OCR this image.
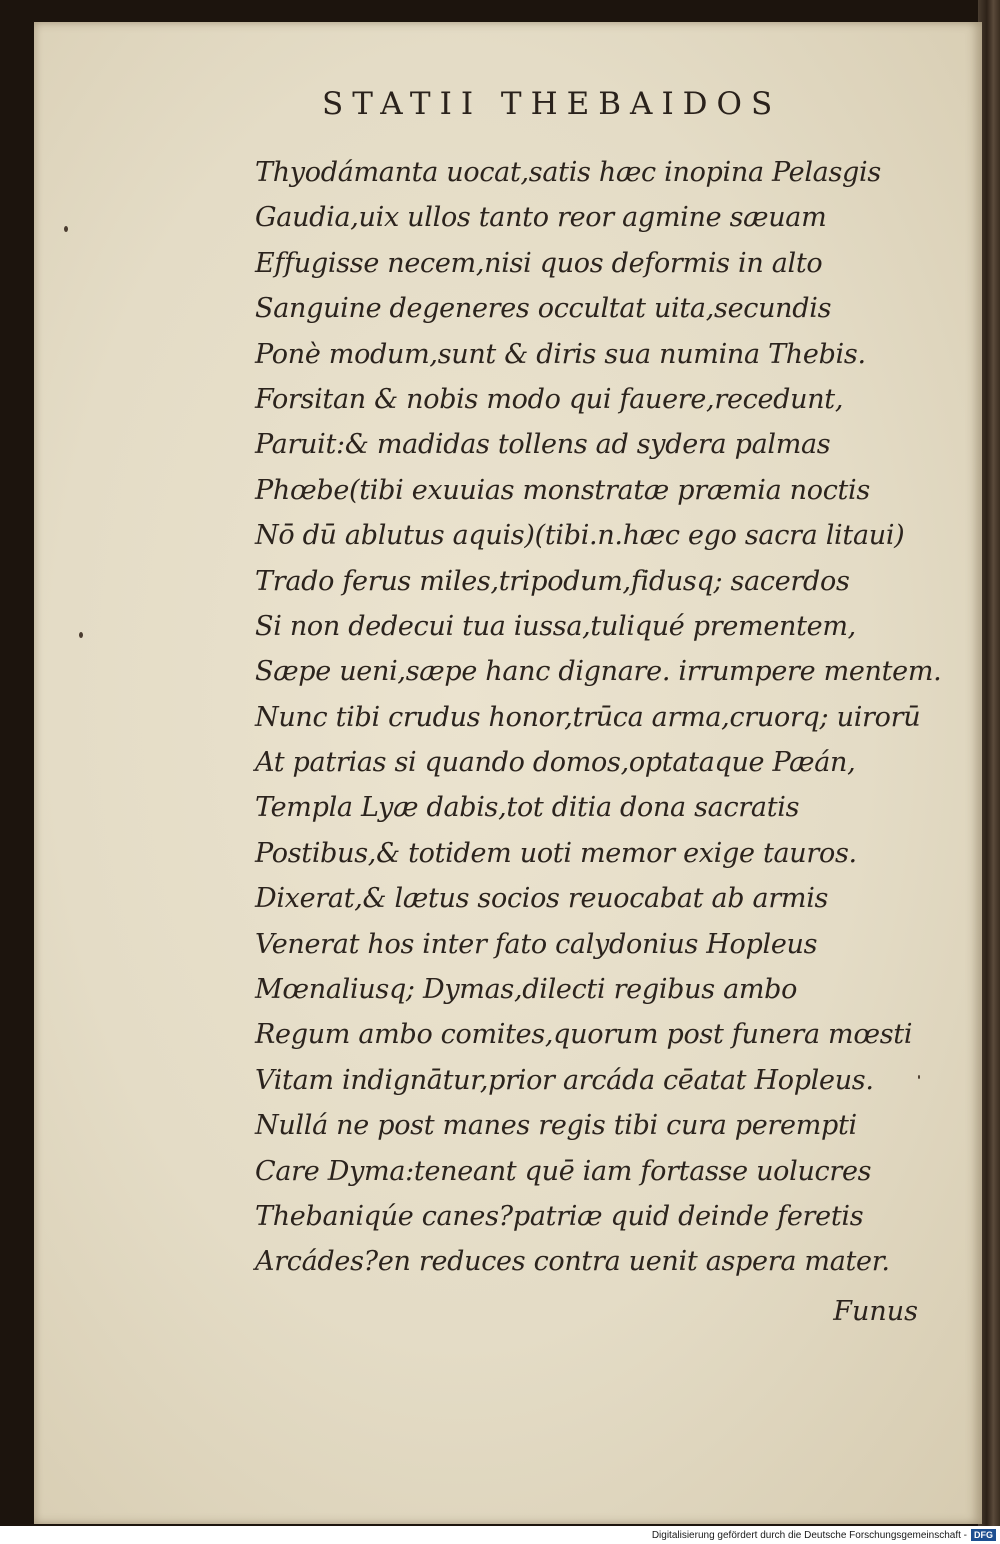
STATII THEBAIDOS
Thyodámanta uocat,satis hæc inopina Pelasgis
Gaudia,uix ullos tanto reor agmine sæuam
Effugisse necem,nisi quos deformis in alto
Sanguine degeneres occultat uita,secundis
Ponè modum,sunt & diris sua numina Thebis.
Forsitan & nobis modo qui fauere,recedunt,
Paruit:& madidas tollens ad sydera palmas
Phœbe(tibi exuuias monstratæ præmia noctis
Nō dū ablutus aquis)(tibi.n.hæc ego sacra litaui)
Trado ferus miles,tripodum,fidusq; sacerdos
Si non dedecui tua iussa,tuliqué prementem,
Sæpe ueni,sæpe hanc dignare. irrumpere mentem.
Nunc tibi crudus honor,trūca arma,cruorq; uirorū
At patrias si quando domos,optataque Pæán,
Templa Lyæ dabis,tot ditia dona sacratis
Postibus,& totidem uoti memor exige tauros.
Dixerat,& lætus socios reuocabat ab armis
Venerat hos inter fato calydonius Hopleus
Mœnaliusq; Dymas,dilecti regibus ambo
Regum ambo comites,quorum post funera mœsti
Vitam indignātur,prior arcáda cēatat Hopleus.
Nullá ne post manes regis tibi cura perempti
Care Dyma:teneant quē iam fortasse uolucres
Thebaniqúe canes?patriæ quid deinde feretis
Arcádes?en reduces contra uenit aspera mater.
Funus
Digitalisierung gefördert durch die Deutsche Forschungsgemeinschaft - DFG
